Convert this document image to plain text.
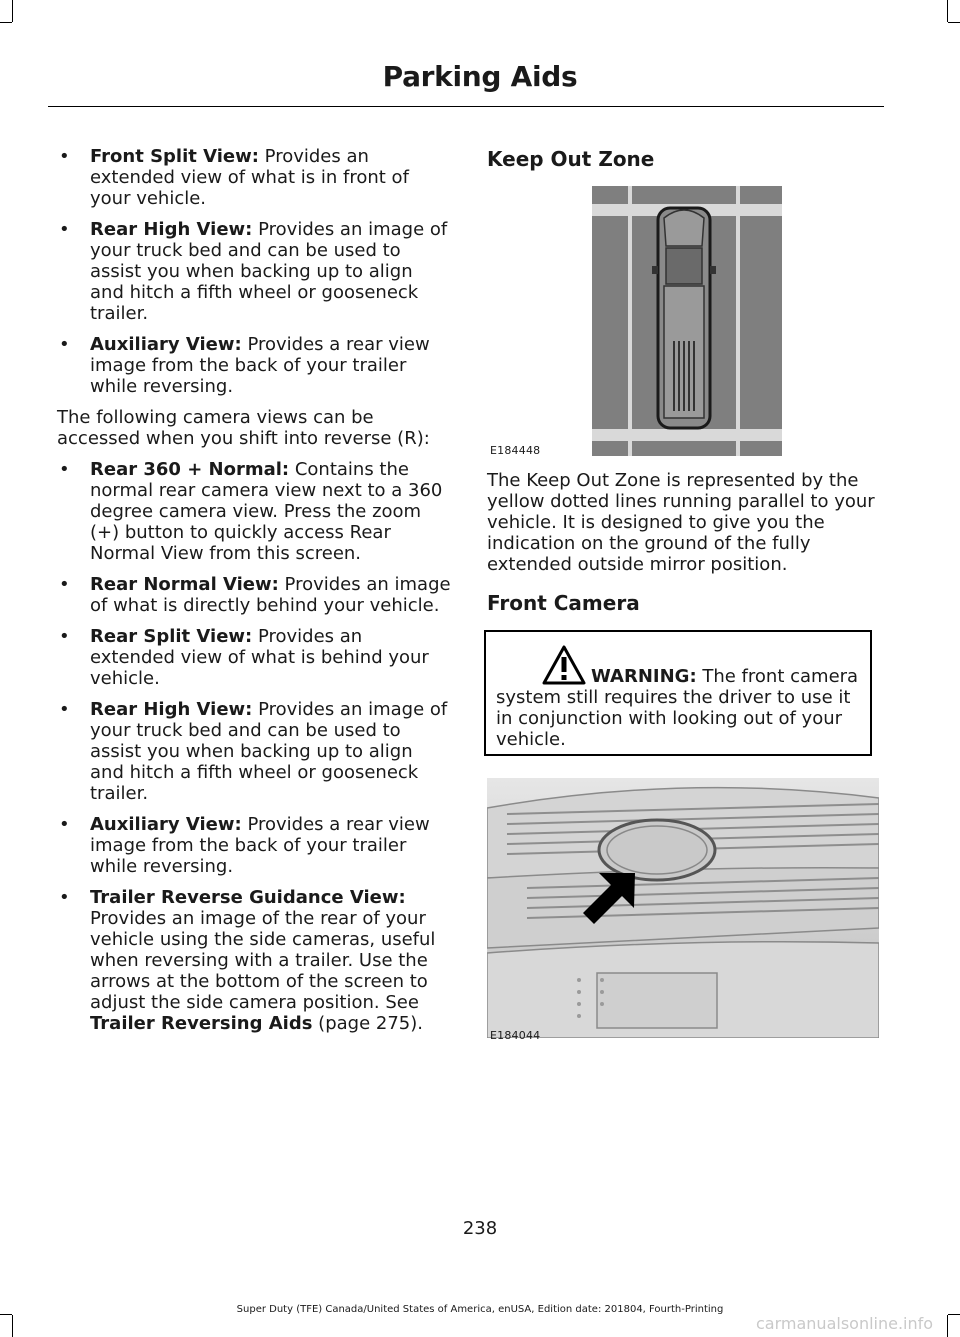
Parking Aids
• Front Split View: Provides an extended view of what is in front of your vehicle.
• Rear High View: Provides an image of your truck bed and can be used to assist you when backing up to align and hitch a fifth wheel or gooseneck trailer.
• Auxiliary View: Provides a rear view image from the back of your trailer while reversing.
The following camera views can be accessed when you shift into reverse (R):
• Rear 360 + Normal: Contains the normal rear camera view next to a 360 degree camera view. Press the zoom (+) button to quickly access Rear Normal View from this screen.
• Rear Normal View: Provides an image of what is directly behind your vehicle.
• Rear Split View: Provides an extended view of what is behind your vehicle.
• Rear High View: Provides an image of your truck bed and can be used to assist you when backing up to align and hitch a fifth wheel or gooseneck trailer.
• Auxiliary View: Provides a rear view image from the back of your trailer while reversing.
• Trailer Reverse Guidance View: Provides an image of the rear of your vehicle using the side cameras, useful when reversing with a trailer. Use the arrows at the bottom of the screen to adjust the side camera position. See Trailer Reversing Aids (page 275).
Keep Out Zone
E184448
The Keep Out Zone is represented by the yellow dotted lines running parallel to your vehicle. It is designed to give you the indication on the ground of the fully extended outside mirror position.
Front Camera
WARNING: The front camera system still requires the driver to use it in conjunction with looking out of your vehicle.
E184044
238
Super Duty (TFE) Canada/United States of America, enUSA, Edition date: 201804, Fourth-Printing
carmanualsonline.info
